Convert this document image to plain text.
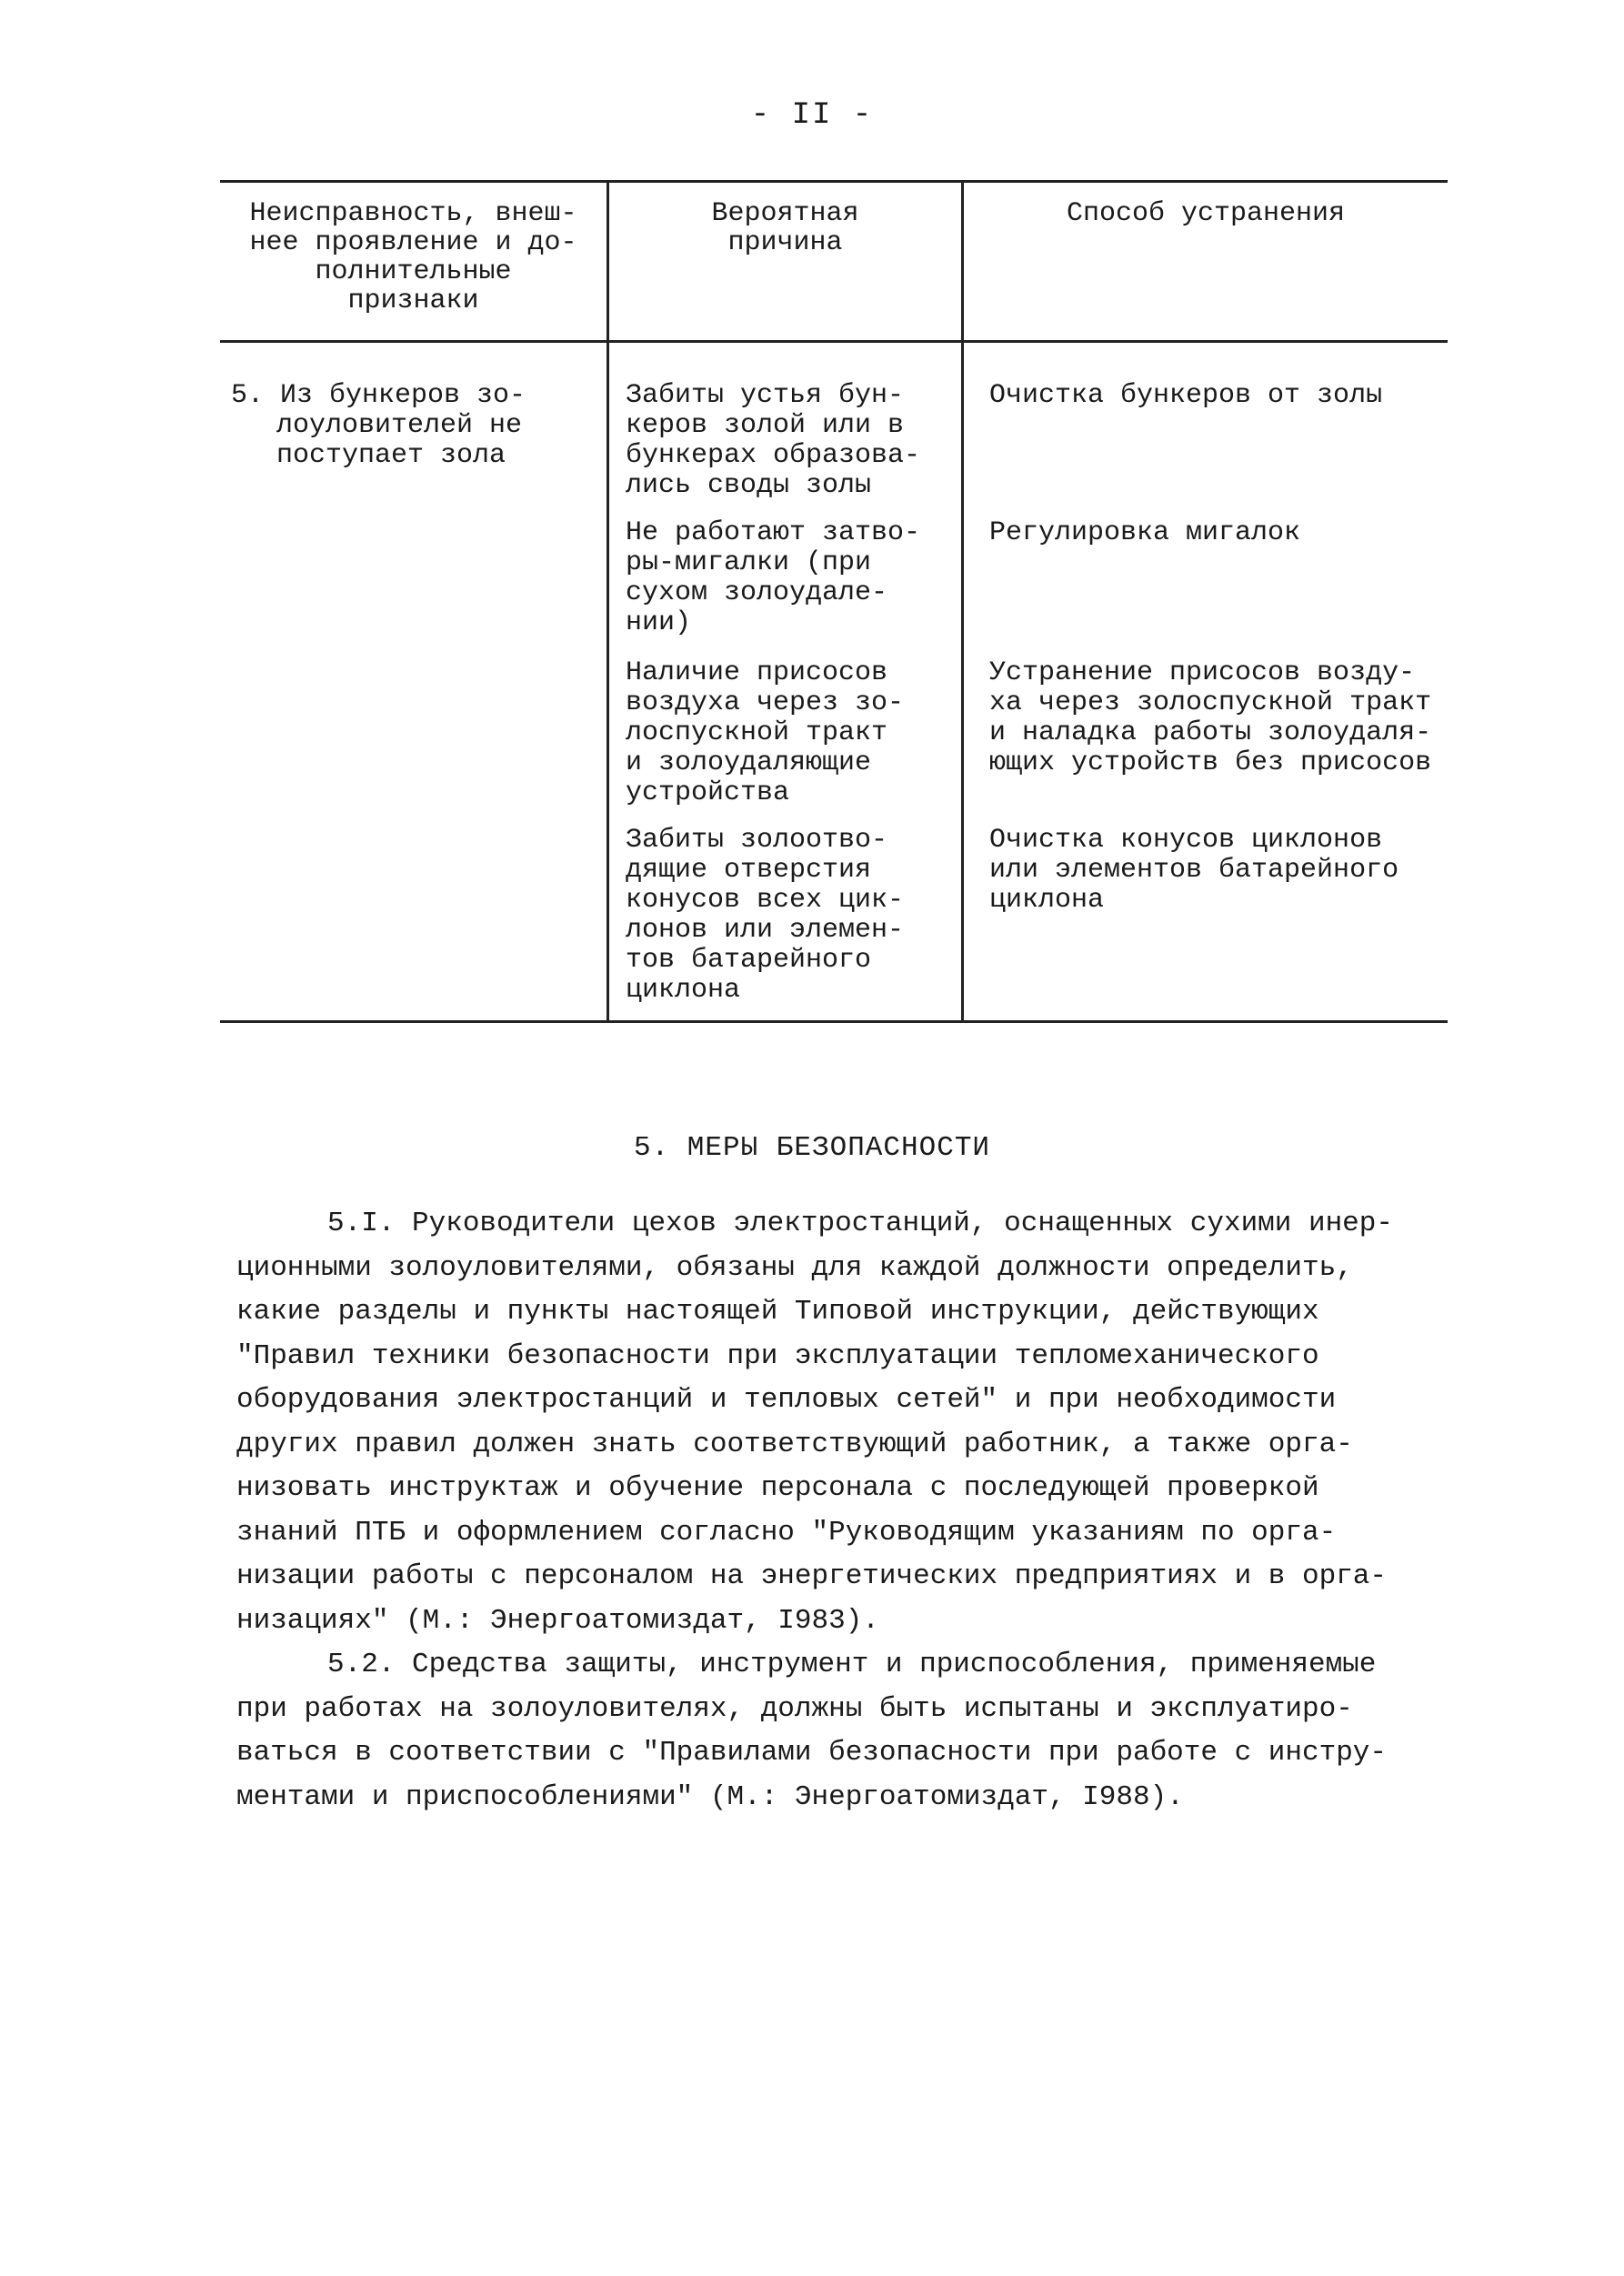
- II -
Неисправность, внеш-
нее проявление и до-
полнительные
признаки
Вероятная
причина
Способ устранения
5. Из бункеров зо-
лоуловителей не
поступает зола
Забиты устья бун-
керов золой или в
бункерах образова-
лись своды золы
Не работают затво-
ры-мигалки (при
сухом золоудале-
нии)
Наличие присосов
воздуха через зо-
лоспускной тракт
и золоудаляющие
устройства
Забиты золоотво-
дящие отверстия
конусов всех цик-
лонов или элемен-
тов батарейного
циклона
Очистка бункеров от золы
Регулировка мигалок
Устранение присосов возду-
ха через золоспускной тракт
и наладка работы золоудаля-
ющих устройств без присосов
Очистка конусов циклонов
или элементов батарейного
циклона
5. МЕРЫ БЕЗОПАСНОСТИ
5.I. Руководители цехов электростанций, оснащенных сухими инер-
ционными золоуловителями, обязаны для каждой должности определить,
какие разделы и пункты настоящей Типовой инструкции, действующих
"Правил техники безопасности при эксплуатации тепломеханического
оборудования электростанций и тепловых сетей" и при необходимости
других правил должен знать соответствующий работник, а также орга-
низовать инструктаж и обучение персонала с последующей проверкой
знаний ПТБ и оформлением согласно "Руководящим указаниям по орга-
низации работы с персоналом на энергетических предприятиях и в орга-
низациях" (М.: Энергоатомиздат, I983).
5.2. Средства защиты, инструмент и приспособления, применяемые
при работах на золоуловителях, должны быть испытаны и эксплуатиро-
ваться в соответствии с "Правилами безопасности при работе с инстру-
ментами и приспособлениями" (М.: Энергоатомиздат, I988).
